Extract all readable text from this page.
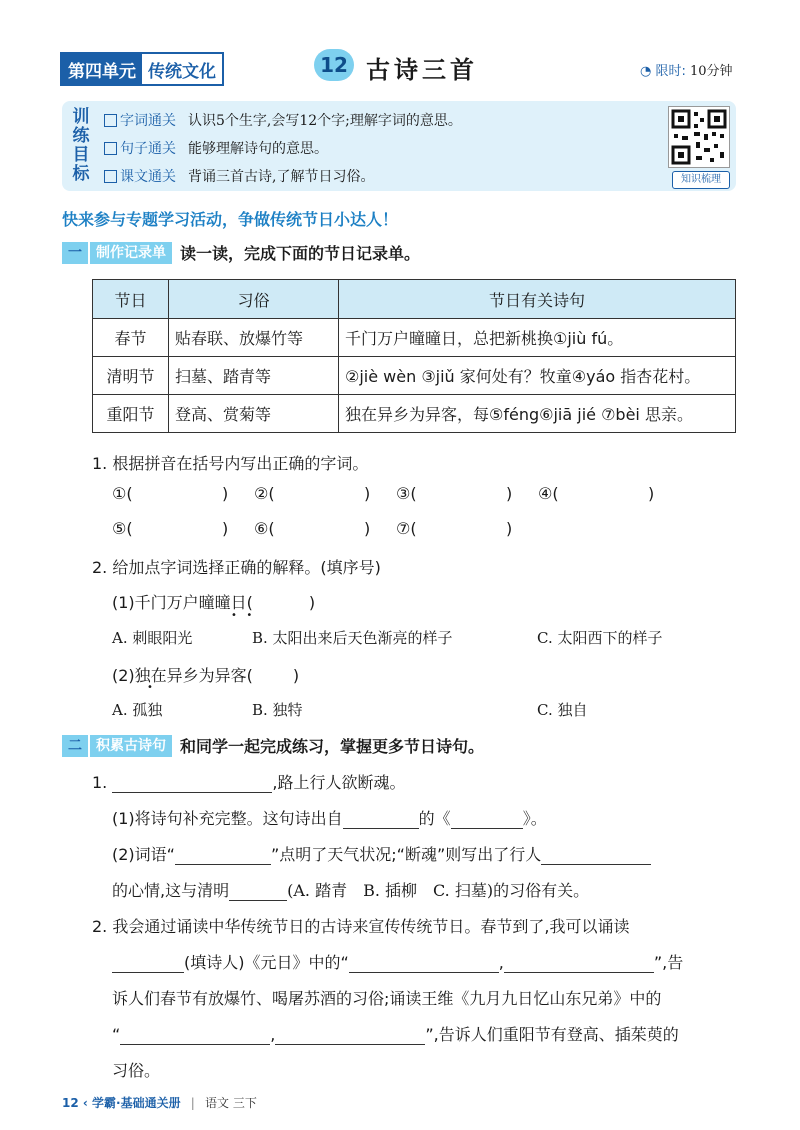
第四单元 传统文化	12 古诗三首	◔ 限时: 10分钟
训练目标
字词通关 认识5个生字,会写12个字;理解字词的意思。
句子通关 能够理解诗句的意思。
课文通关 背诵三首古诗,了解节日习俗。	知识梳理
快来参与专题学习活动，争做传统节日小达人！
一	制作记录单 读一读，完成下面的节日记录单。
节日	习俗	节日有关诗句
春节	贴春联、放爆竹等	千门万户曈曈日，总把新桃换①jiù fú。
清明节	扫墓、踏青等	②jiè wèn ③jiǔ 家何处有？牧童④yáo 指杏花村。
重阳节	登高、赏菊等	独在异乡为异客，每⑤féng⑥jiā jié ⑦bèi 思亲。
1. 根据拼音在括号内写出正确的字词。
①(	) ②(	) ③(	) ④(	)
⑤(	) ⑥(	) ⑦(	)
2. 给加点字词选择正确的解释。(填序号)
(1)千门万户曈曈日(	)
•   •
A. 刺眼阳光	B. 太阳出来后天色渐亮的样子	C. 太阳西下的样子
(2)独在异乡为异客(	)
•
A. 孤独	B. 独特	C. 独自
二	积累古诗句 和同学一起完成练习，掌握更多节日诗句。
1.	,路上行人欲断魂。
(1)将诗句补充完整。这句诗出自	的《	》。
(2)词语“	”点明了天气状况;“断魂”则写出了行人
的心情,这与清明	(A. 踏青　B. 插柳　C. 扫墓)的习俗有关。
2. 我会通过诵读中华传统节日的古诗来宣传传统节日。春节到了,我可以诵读
(填诗人)《元日》中的“	,	”,告
诉人们春节有放爆竹、喝屠苏酒的习俗;诵读王维《九月九日忆山东兄弟》中的
“	,	”,告诉人们重阳节有登高、插茱萸的
习俗。
12 ‹ 学霸·基础通关册 | 语文 三下
